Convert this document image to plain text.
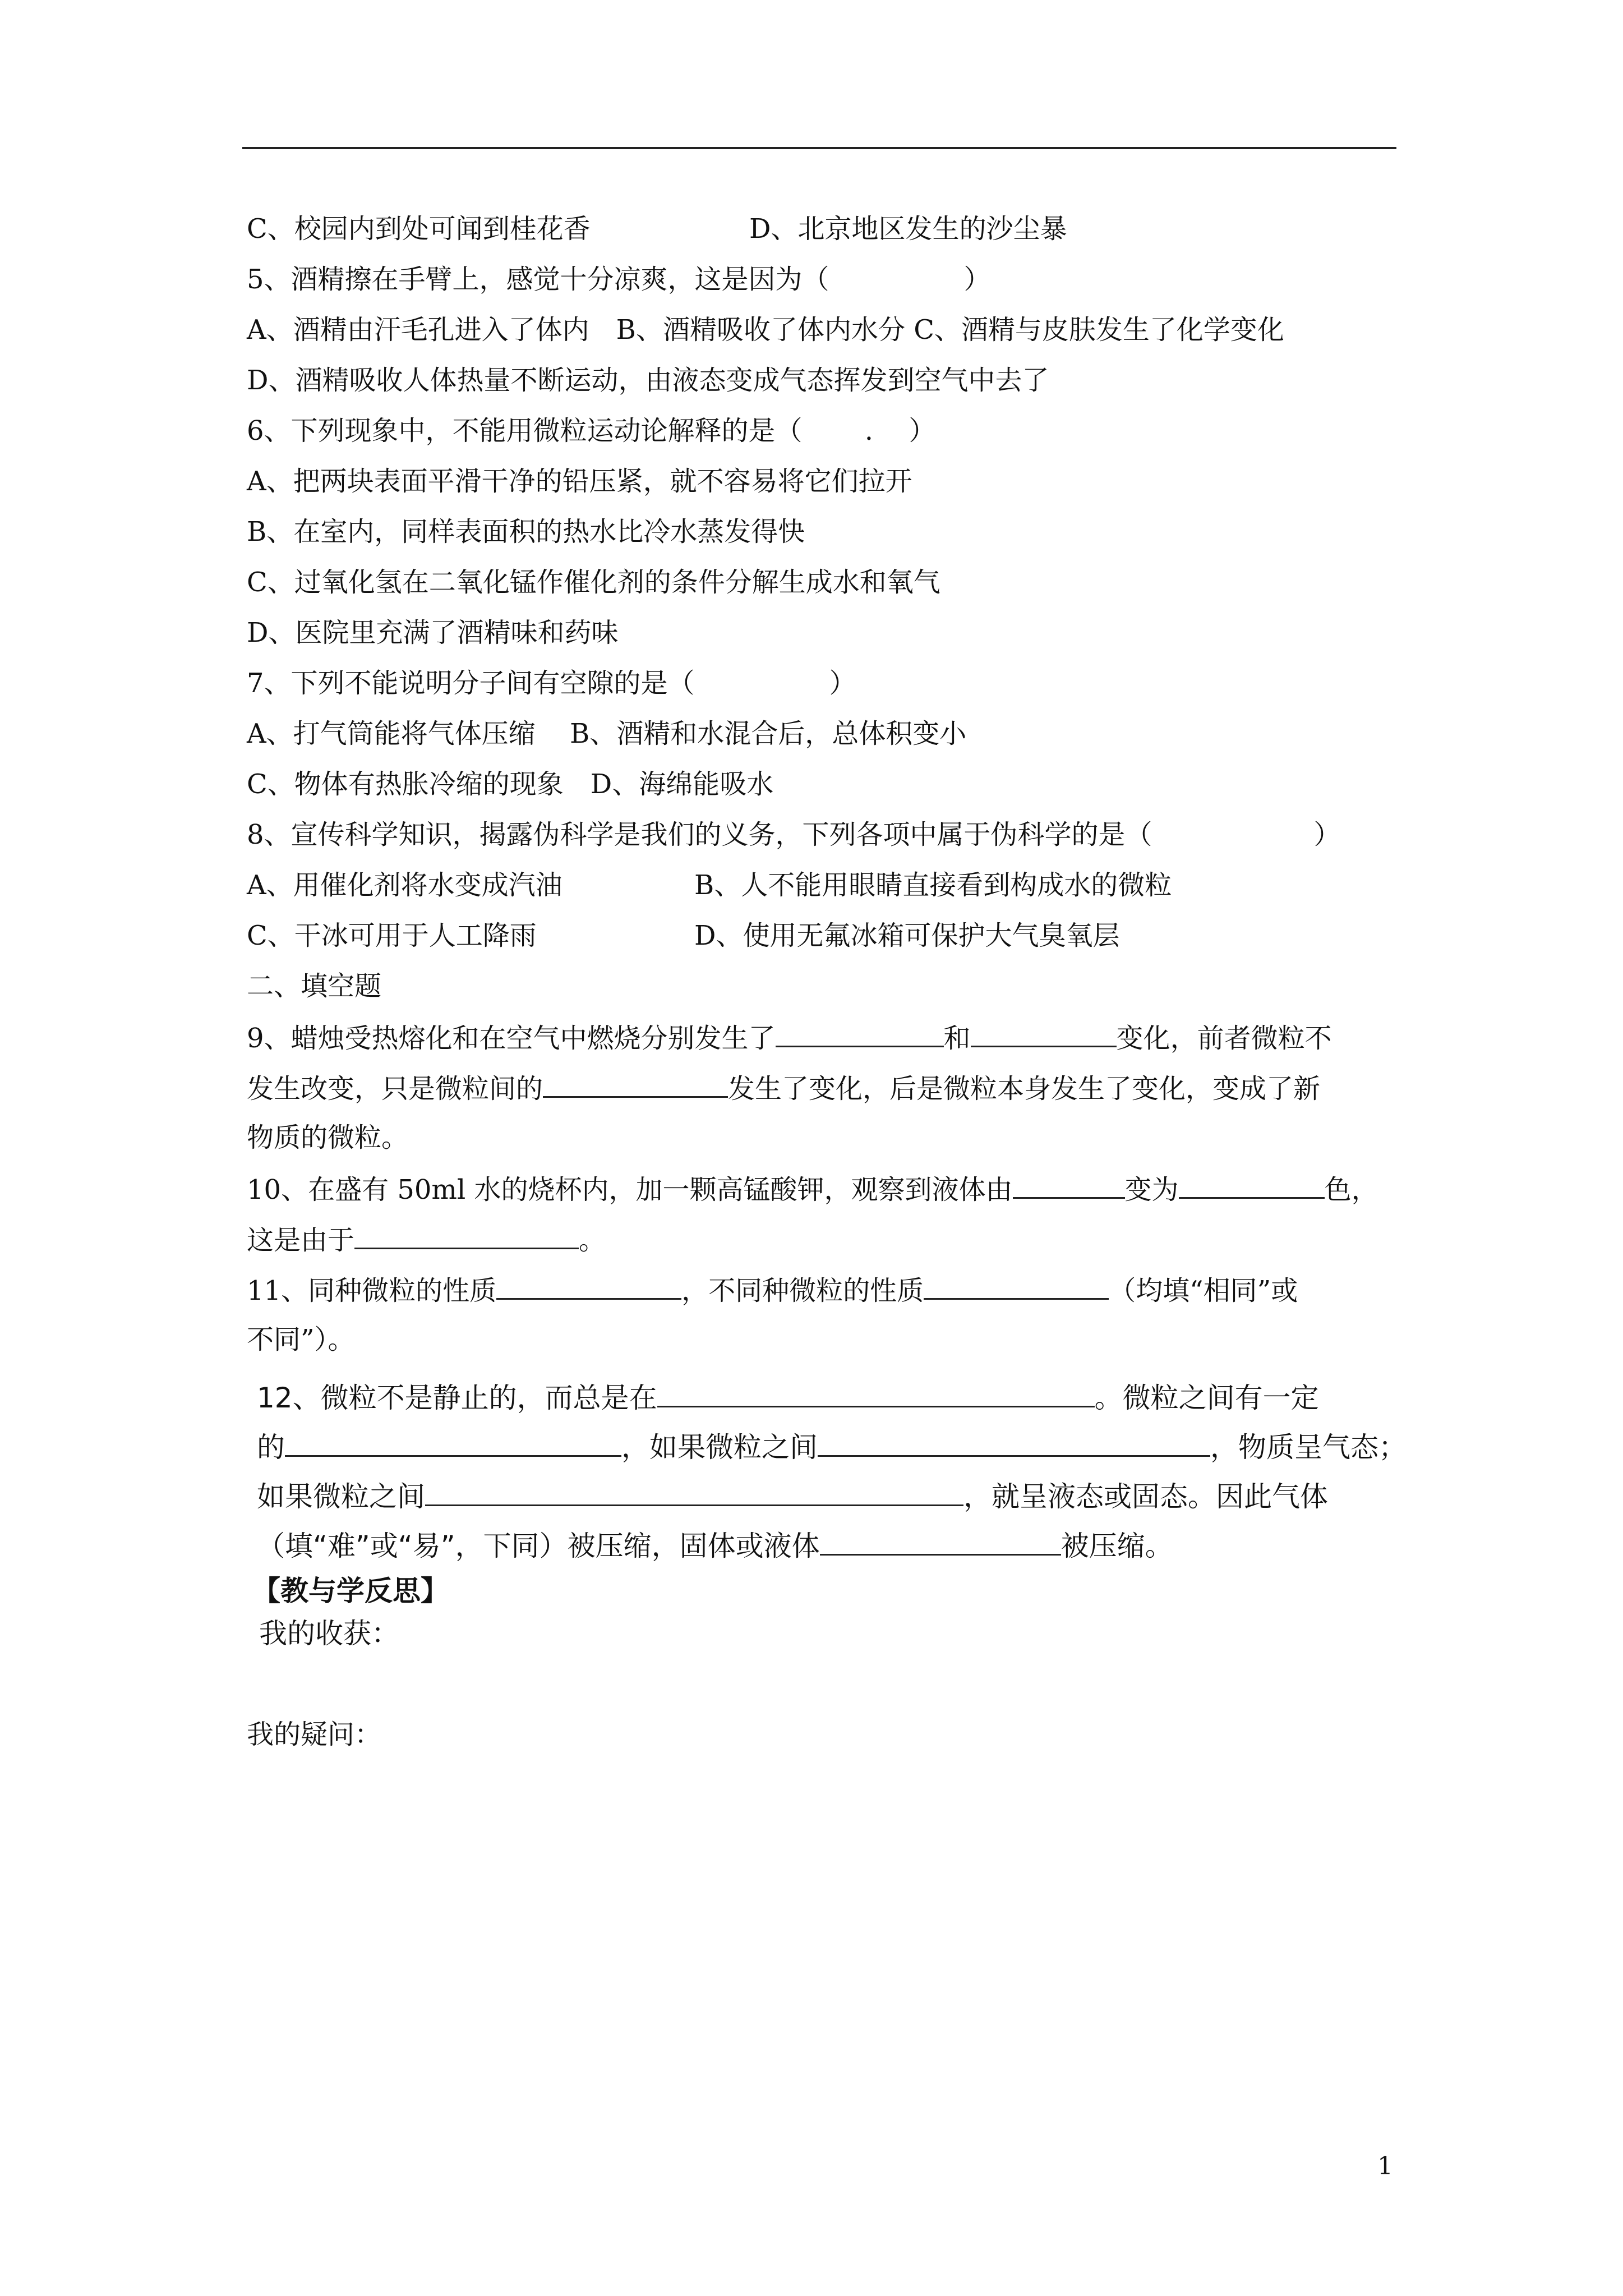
C、校园内到处可闻到桂花香	D、北京地区发生的沙尘暴
5、酒精擦在手臂上，感觉十分凉爽，这是因为（　　　　　）
A、酒精由汗毛孔进入了体内　B、酒精吸收了体内水分 C、酒精与皮肤发生了化学变化
D、酒精吸收人体热量不断运动，由液态变成气态挥发到空气中去了
6、下列现象中，不能用微粒运动论解释的是（　　 .　 ）
A、把两块表面平滑干净的铅压紧，就不容易将它们拉开
B、在室内，同样表面积的热水比冷水蒸发得快
C、过氧化氢在二氧化锰作催化剂的条件分解生成水和氧气
D、医院里充满了酒精味和药味
7、下列不能说明分子间有空隙的是（　　　　　）
A、打气筒能将气体压缩 B、酒精和水混合后，总体积变小
C、物体有热胀冷缩的现象　D、海绵能吸水
8、宣传科学知识，揭露伪科学是我们的义务，下列各项中属于伪科学的是（　　　　　　）
A、用催化剂将水变成汽油	B、人不能用眼睛直接看到构成水的微粒
C、干冰可用于人工降雨	D、使用无氟冰箱可保护大气臭氧层
二、填空题
9、蜡烛受热熔化和在空气中燃烧分别发生了	和	变化，前者微粒不
发生改变，只是微粒间的	发生了变化，后是微粒本身发生了变化，变成了新
物质的微粒。
10、在盛有 50ml 水的烧杯内，加一颗高锰酸钾，观察到液体由	变为	色，
这是由于	。
11、同种微粒的性质	，不同种微粒的性质	（均填“相同”或
不同”）。
12、微粒不是静止的，而总是在	。微粒之间有一定
的	，如果微粒之间	，物质呈气态；
如果微粒之间	，就呈液态或固态。因此气体
（填“难”或“易”，下同）被压缩，固体或液体	被压缩。
【教与学反思】
我的收获：
我的疑问：
1
